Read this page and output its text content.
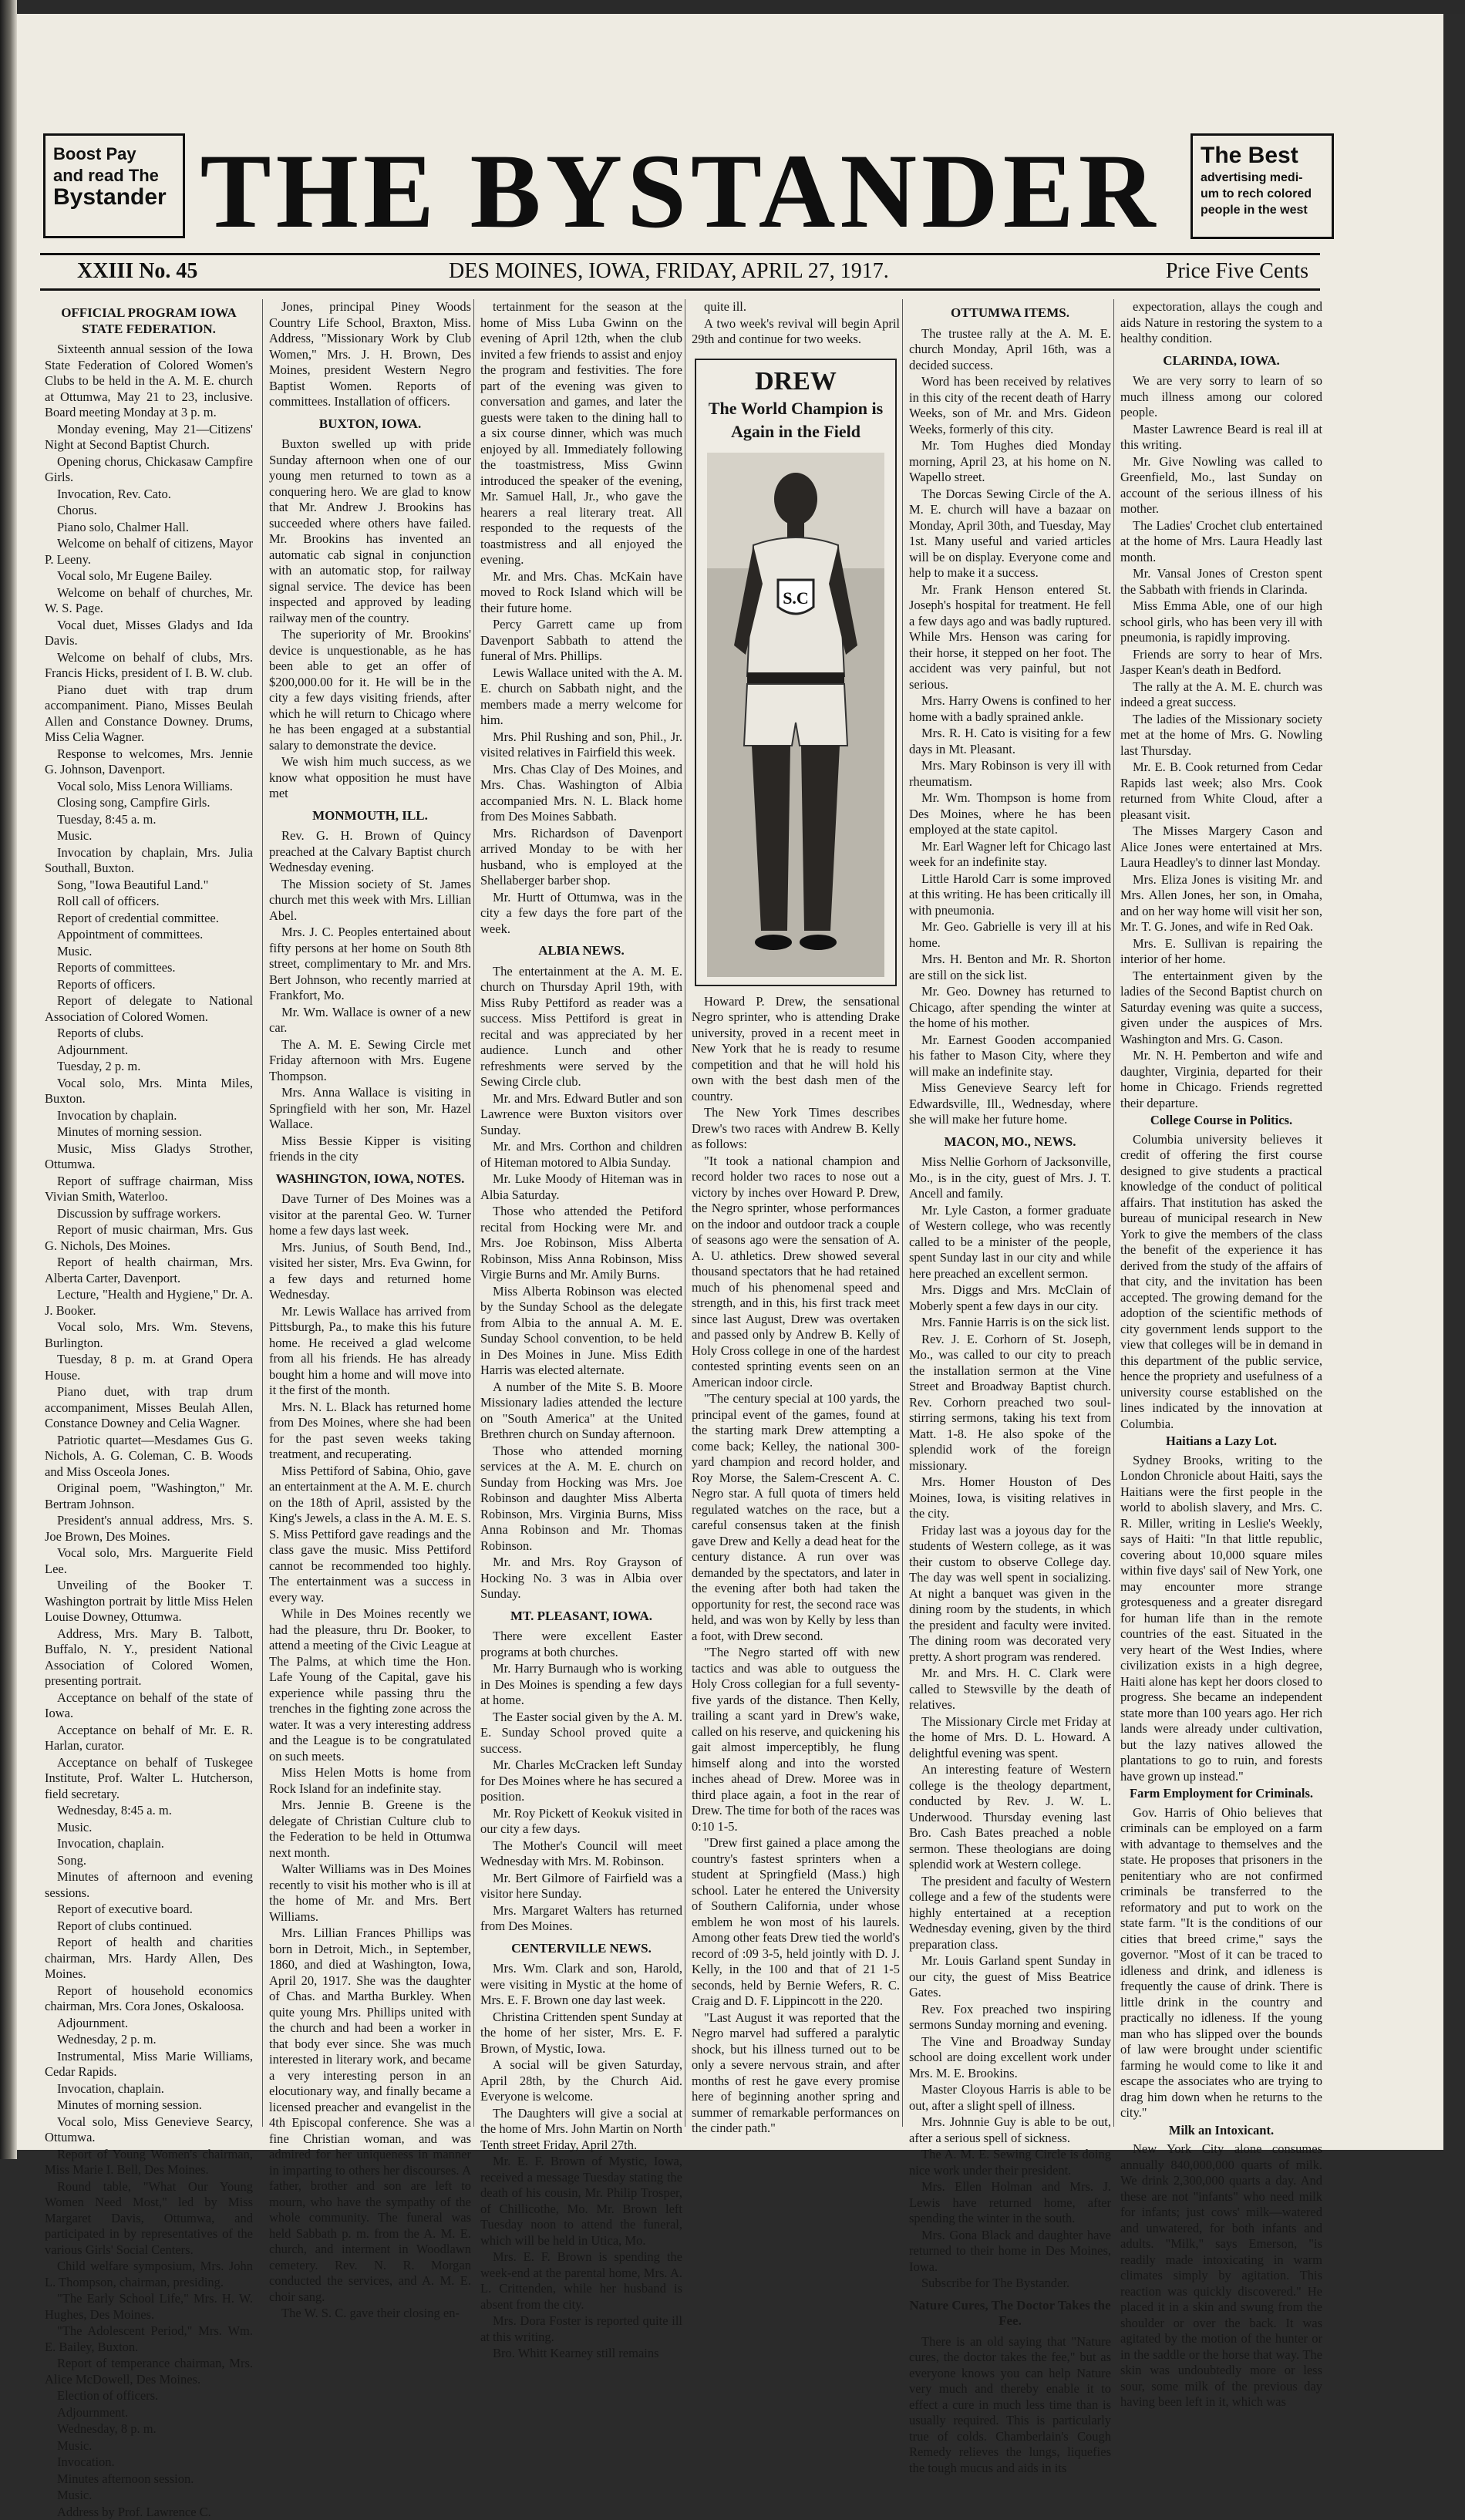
Boost Pay
and read The
Bystander THE BYSTANDER	The Best
advertising medi-
um to rech colored
people in the west
XXIII No. 45	DES MOINES, IOWA, FRIDAY, APRIL 27, 1917.	Price Five Cents
OFFICIAL PROGRAM IOWA STATE FEDERATION.

Sixteenth annual session of the Iowa State Federation of Colored Women's Clubs to be held in the A. M. E. church at Ottumwa, May 21 to 23, inclusive. Board meeting Monday at 3 p. m.

Monday evening, May 21—Citizens' Night at Second Baptist Church.

Opening chorus, Chickasaw Campfire Girls.

Invocation, Rev. Cato.

Chorus.

Piano solo, Chalmer Hall.

Welcome on behalf of citizens, Mayor P. Leeny.

Vocal solo, Mr Eugene Bailey.

Welcome on behalf of churches, Mr. W. S. Page.

Vocal duet, Misses Gladys and Ida Davis.

Welcome on behalf of clubs, Mrs. Francis Hicks, president of I. B. W. club.

Piano duet with trap drum accompaniment. Piano, Misses Beulah Allen and Constance Downey. Drums, Miss Celia Wagner.

Response to welcomes, Mrs. Jennie G. Johnson, Davenport.

Vocal solo, Miss Lenora Williams.

Closing song, Campfire Girls.

Tuesday, 8:45 a. m.

Music.

Invocation by chaplain, Mrs. Julia Southall, Buxton.

Song, "Iowa Beautiful Land."

Roll call of officers.

Report of credential committee.

Appointment of committees.

Music.

Reports of committees.

Reports of officers.

Report of delegate to National Association of Colored Women.

Reports of clubs.

Adjournment.

Tuesday, 2 p. m.

Vocal solo, Mrs. Minta Miles, Buxton.

Invocation by chaplain.

Minutes of morning session.

Music, Miss Gladys Strother, Ottumwa.

Report of suffrage chairman, Miss Vivian Smith, Waterloo.

Discussion by suffrage workers.

Report of music chairman, Mrs. Gus G. Nichols, Des Moines.

Report of health chairman, Mrs. Alberta Carter, Davenport.

Lecture, "Health and Hygiene," Dr. A. J. Booker.

Vocal solo, Mrs. Wm. Stevens, Burlington.

Tuesday, 8 p. m. at Grand Opera House.

Piano duet, with trap drum accompaniment, Misses Beulah Allen, Constance Downey and Celia Wagner.

Patriotic quartet—Mesdames Gus G. Nichols, A. G. Coleman, C. B. Woods and Miss Osceola Jones.

Original poem, "Washington," Mr. Bertram Johnson.

President's annual address, Mrs. S. Joe Brown, Des Moines.

Vocal solo, Mrs. Marguerite Field Lee.

Unveiling of the Booker T. Washington portrait by little Miss Helen Louise Downey, Ottumwa.

Address, Mrs. Mary B. Talbott, Buffalo, N. Y., president National Association of Colored Women, presenting portrait.

Acceptance on behalf of the state of Iowa.

Acceptance on behalf of Mr. E. R. Harlan, curator.

Acceptance on behalf of Tuskegee Institute, Prof. Walter L. Hutcherson, field secretary.

Wednesday, 8:45 a. m.

Music.

Invocation, chaplain.

Song.

Minutes of afternoon and evening sessions.

Report of executive board.

Report of clubs continued.

Report of health and charities chairman, Mrs. Hardy Allen, Des Moines.

Report of household economics chairman, Mrs. Cora Jones, Oskaloosa.

Adjournment.

Wednesday, 2 p. m.

Instrumental, Miss Marie Williams, Cedar Rapids.

Invocation, chaplain.

Minutes of morning session.

Vocal solo, Miss Genevieve Searcy, Ottumwa.

Report of Young Women's chairman, Miss Marie I. Bell, Des Moines.

Round table, "What Our Young Women Need Most," led by Miss Margaret Davis, Ottumwa, and participated in by representatives of the various Girls' Social Centers.

Child welfare symposium, Mrs. John L. Thompson, chairman, presiding.

"The Early School Life," Mrs. H. W. Hughes, Des Moines.

"The Adolescent Period," Mrs. Wm. E. Bailey, Buxton.

Report of temperance chairman, Mrs. Alice McDowell, Des Moines.

Election of officers.

Adjournment.

Wednesday, 8 p. m.

Music.

Invocation.

Minutes afternoon session.

Music.

Address by Prof. Lawrence C.

Jones, principal Piney Woods Country Life School, Braxton, Miss. Address, "Missionary Work by Club Women," Mrs. J. H. Brown, Des Moines, president Western Negro Baptist Women. Reports of committees. Installation of officers.

BUXTON, IOWA.

Buxton swelled up with pride Sunday afternoon when one of our young men returned to town as a conquering hero. We are glad to know that Mr. Andrew J. Brookins has succeeded where others have failed. Mr. Brookins has invented an automatic cab signal in conjunction with an automatic stop, for railway signal service. The device has been inspected and approved by leading railway men of the country.

The superiority of Mr. Brookins' device is unquestionable, as he has been able to get an offer of $200,000.00 for it. He will be in the city a few days visiting friends, after which he will return to Chicago where he has been engaged at a substantial salary to demonstrate the device.

We wish him much success, as we know what opposition he must have met

MONMOUTH, ILL.

Rev. G. H. Brown of Quincy preached at the Calvary Baptist church Wednesday evening.

The Mission society of St. James church met this week with Mrs. Lillian Abel.

Mrs. J. C. Peoples entertained about fifty persons at her home on South 8th street, complimentary to Mr. and Mrs. Bert Johnson, who recently married at Frankfort, Mo.

Mr. Wm. Wallace is owner of a new car.

The A. M. E. Sewing Circle met Friday afternoon with Mrs. Eugene Thompson.

Mrs. Anna Wallace is visiting in Springfield with her son, Mr. Hazel Wallace.

Miss Bessie Kipper is visiting friends in the city

WASHINGTON, IOWA, NOTES.

Dave Turner of Des Moines was a visitor at the parental Geo. W. Turner home a few days last week.

Mrs. Junius, of South Bend, Ind., visited her sister, Mrs. Eva Gwinn, for a few days and returned home Wednesday.

Mr. Lewis Wallace has arrived from Pittsburgh, Pa., to make this his future home. He received a glad welcome from all his friends. He has already bought him a home and will move into it the first of the month.

Mrs. N. L. Black has returned home from Des Moines, where she had been for the past seven weeks taking treatment, and recuperating.

Miss Pettiford of Sabina, Ohio, gave an entertainment at the A. M. E. church on the 18th of April, assisted by the King's Jewels, a class in the A. M. E. S. S. Miss Pettiford gave readings and the class gave the music. Miss Pettiford cannot be recommended too highly. The entertainment was a success in every way.

While in Des Moines recently we had the pleasure, thru Dr. Booker, to attend a meeting of the Civic League at The Palms, at which time the Hon. Lafe Young of the Capital, gave his experience while passing thru the trenches in the fighting zone across the water. It was a very interesting address and the League is to be congratulated on such meets.

Miss Helen Motts is home from Rock Island for an indefinite stay.

Mrs. Jennie B. Greene is the delegate of Christian Culture club to the Federation to be held in Ottumwa next month.

Walter Williams was in Des Moines recently to visit his mother who is ill at the home of Mr. and Mrs. Bert Williams.

Mrs. Lillian Frances Phillips was born in Detroit, Mich., in September, 1860, and died at Washington, Iowa, April 20, 1917. She was the daughter of Chas. and Martha Burkley. When quite young Mrs. Phillips united with the church and had been a worker in that body ever since. She was much interested in literary work, and became a very interesting person in an elocutionary way, and finally became a licensed preacher and evangelist in the 4th Episcopal conference. She was a fine Christian woman, and was admired for her uniqueness in manner in imparting to others her discourses. A father, brother and son are left to mourn, who have the sympathy of the whole community. The funeral was held Sabbath p. m. from the A. M. E. church, and interment in Woodlawn cemetery. Rev. N. R. Morgan conducted the services, and A. M. E. choir sang.

The W. S. C. gave their closing en-

tertainment for the season at the home of Miss Luba Gwinn on the evening of April 12th, when the club invited a few friends to assist and enjoy the program and festivities. The fore part of the evening was given to conversation and games, and later the guests were taken to the dining hall to a six course dinner, which was much enjoyed by all. Immediately following the toastmistress, Miss Gwinn introduced the speaker of the evening, Mr. Samuel Hall, Jr., who gave the hearers a real literary treat. All responded to the requests of the toastmistress and all enjoyed the evening.

Mr. and Mrs. Chas. McKain have moved to Rock Island which will be their future home.

Percy Garrett came up from Davenport Sabbath to attend the funeral of Mrs. Phillips.

Lewis Wallace united with the A. M. E. church on Sabbath night, and the members made a merry welcome for him.

Mrs. Phil Rushing and son, Phil., Jr. visited relatives in Fairfield this week.

Mrs. Chas Clay of Des Moines, and Mrs. Chas. Washington of Albia accompanied Mrs. N. L. Black home from Des Moines Sabbath.

Mrs. Richardson of Davenport arrived Monday to be with her husband, who is employed at the Shellaberger barber shop.

Mr. Hurtt of Ottumwa, was in the city a few days the fore part of the week.

ALBIA NEWS.

The entertainment at the A. M. E. church on Thursday April 19th, with Miss Ruby Pettiford as reader was a success. Miss Pettiford is great in recital and was appreciated by her audience. Lunch and other refreshments were served by the Sewing Circle club.

Mr. and Mrs. Edward Butler and son Lawrence were Buxton visitors over Sunday.

Mr. and Mrs. Corthon and children of Hiteman motored to Albia Sunday.

Mr. Luke Moody of Hiteman was in Albia Saturday.

Those who attended the Petiford recital from Hocking were Mr. and Mrs. Joe Robinson, Miss Alberta Robinson, Miss Anna Robinson, Miss Virgie Burns and Mr. Amily Burns.

Miss Alberta Robinson was elected by the Sunday School as the delegate from Albia to the annual A. M. E. Sunday School convention, to be held in Des Moines in June. Miss Edith Harris was elected alternate.

A number of the Mite S. B. Moore Missionary ladies attended the lecture on "South America" at the United Brethren church on Sunday afternoon.

Those who attended morning services at the A. M. E. church on Sunday from Hocking was Mrs. Joe Robinson and daughter Miss Alberta Robinson, Mrs. Virginia Burns, Miss Anna Robinson and Mr. Thomas Robinson.

Mr. and Mrs. Roy Grayson of Hocking No. 3 was in Albia over Sunday.

MT. PLEASANT, IOWA.

There were excellent Easter programs at both churches.

Mr. Harry Burnaugh who is working in Des Moines is spending a few days at home.

The Easter social given by the A. M. E. Sunday School proved quite a success.

Mr. Charles McCracken left Sunday for Des Moines where he has secured a position.

Mr. Roy Pickett of Keokuk visited in our city a few days.

The Mother's Council will meet Wednesday with Mrs. M. Robinson.

Mr. Bert Gilmore of Fairfield was a visitor here Sunday.

Mrs. Margaret Walters has returned from Des Moines.

CENTERVILLE NEWS.

Mrs. Wm. Clark and son, Harold, were visiting in Mystic at the home of Mrs. E. F. Brown one day last week.

Christina Crittenden spent Sunday at the home of her sister, Mrs. E. F. Brown, of Mystic, Iowa.

A social will be given Saturday, April 28th, by the Church Aid. Everyone is welcome.

The Daughters will give a social at the home of Mrs. John Martin on North Tenth street Friday, April 27th.

Mr. E. F. Brown of Mystic, Iowa, received a message Tuesday stating the death of his cousin, Mr. Philip Trosper, of Chillicothe, Mo. Mr. Brown left Tuesday noon to attend the funeral, which will be held in Utica, Mo.

Mrs. E. F. Brown is spending the week-end at the parental home, Mrs. A. L. Crittenden, while her husband is absent from the city.

Mrs. Dora Foster is reported quite ill at this writing.

Bro. Whitt Kearney still remains

quite ill.

A two week's revival will begin April 29th and continue for two weeks.

DREW
The World Champion is
Again in the Field
S.C

Howard P. Drew, the sensational Negro sprinter, who is attending Drake university, proved in a recent meet in New York that he is ready to resume competition and that he will hold his own with the best dash men of the country.

The New York Times describes Drew's two races with Andrew B. Kelly as follows:

"It took a national champion and record holder two races to nose out a victory by inches over Howard P. Drew, the Negro sprinter, whose performances on the indoor and outdoor track a couple of seasons ago were the sensation of A. A. U. athletics. Drew showed several thousand spectators that he had retained much of his phenomenal speed and strength, and in this, his first track meet since last August, Drew was overtaken and passed only by Andrew B. Kelly of Holy Cross college in one of the hardest contested sprinting events seen on an American indoor circle.

"The century special at 100 yards, the principal event of the games, found at the starting mark Drew attempting a come back; Kelley, the national 300-yard champion and record holder, and Roy Morse, the Salem-Crescent A. C. Negro star. A full quota of timers held regulated watches on the race, but a careful consensus taken at the finish gave Drew and Kelly a dead heat for the century distance. A run over was demanded by the spectators, and later in the evening after both had taken the opportunity for rest, the second race was held, and was won by Kelly by less than a foot, with Drew second.

"The Negro started off with new tactics and was able to outguess the Holy Cross collegian for a full seventy-five yards of the distance. Then Kelly, trailing a scant yard in Drew's wake, called on his reserve, and quickening his gait almost imperceptibly, he flung himself along and into the worsted inches ahead of Drew. Moree was in third place again, a foot in the rear of Drew. The time for both of the races was 0:10 1-5.

"Drew first gained a place among the country's fastest sprinters when a student at Springfield (Mass.) high school. Later he entered the University of Southern California, under whose emblem he won most of his laurels. Among other feats Drew tied the world's record of :09 3-5, held jointly with D. J. Kelly, in the 100 and that of 21 1-5 seconds, held by Bernie Wefers, R. C. Craig and D. F. Lippincott in the 220.

"Last August it was reported that the Negro marvel had suffered a paralytic shock, but his illness turned out to be only a severe nervous strain, and after months of rest he gave every promise here of beginning another spring and summer of remarkable performances on the cinder path."

OTTUMWA ITEMS.

The trustee rally at the A. M. E. church Monday, April 16th, was a decided success.

Word has been received by relatives in this city of the recent death of Harry Weeks, son of Mr. and Mrs. Gideon Weeks, formerly of this city.

Mr. Tom Hughes died Monday morning, April 23, at his home on N. Wapello street.

The Dorcas Sewing Circle of the A. M. E. church will have a bazaar on Monday, April 30th, and Tuesday, May 1st. Many useful and varied articles will be on display. Everyone come and help to make it a success.

Mr. Frank Henson entered St. Joseph's hospital for treatment. He fell a few days ago and was badly ruptured. While Mrs. Henson was caring for their horse, it stepped on her foot. The accident was very painful, but not serious.

Mrs. Harry Owens is confined to her home with a badly sprained ankle.

Mrs. R. H. Cato is visiting for a few days in Mt. Pleasant.

Mrs. Mary Robinson is very ill with rheumatism.

Mr. Wm. Thompson is home from Des Moines, where he has been employed at the state capitol.

Mr. Earl Wagner left for Chicago last week for an indefinite stay.

Little Harold Carr is some improved at this writing. He has been critically ill with pneumonia.

Mr. Geo. Gabrielle is very ill at his home.

Mrs. H. Benton and Mr. R. Shorton are still on the sick list.

Mr. Geo. Downey has returned to Chicago, after spending the winter at the home of his mother.

Mr. Earnest Gooden accompanied his father to Mason City, where they will make an indefinite stay.

Miss Genevieve Searcy left for Edwardsville, Ill., Wednesday, where she will make her future home.

MACON, MO., NEWS.

Miss Nellie Gorhorn of Jacksonville, Mo., is in the city, guest of Mrs. J. T. Ancell and family.

Mr. Lyle Caston, a former graduate of Western college, who was recently called to be a minister of the people, spent Sunday last in our city and while here preached an excellent sermon.

Mrs. Diggs and Mrs. McClain of Moberly spent a few days in our city.

Mrs. Fannie Harris is on the sick list.

Rev. J. E. Corhorn of St. Joseph, Mo., was called to our city to preach the installation sermon at the Vine Street and Broadway Baptist church. Rev. Corhorn preached two soul-stirring sermons, taking his text from Matt. 1-8. He also spoke of the splendid work of the foreign missionary.

Mrs. Homer Houston of Des Moines, Iowa, is visiting relatives in the city.

Friday last was a joyous day for the students of Western college, as it was their custom to observe College day. The day was well spent in socializing. At night a banquet was given in the dining room by the students, in which the president and faculty were invited. The dining room was decorated very pretty. A short program was rendered.

Mr. and Mrs. H. C. Clark were called to Stewsville by the death of relatives.

The Missionary Circle met Friday at the home of Mrs. D. L. Howard. A delightful evening was spent.

An interesting feature of Western college is the theology department, conducted by Rev. J. W. L. Underwood. Thursday evening last Bro. Cash Bates preached a noble sermon. These theologians are doing splendid work at Western college.

The president and faculty of Western college and a few of the students were highly entertained at a reception Wednesday evening, given by the third preparation class.

Mr. Louis Garland spent Sunday in our city, the guest of Miss Beatrice Gates.

Rev. Fox preached two inspiring sermons Sunday morning and evening.

The Vine and Broadway Sunday school are doing excellent work under Mrs. M. E. Brookins.

Master Cloyous Harris is able to be out, after a slight spell of illness.

Mrs. Johnnie Guy is able to be out, after a serious spell of sickness.

The A. M. E. Sewing Circle is doing nice work under their president.

Mrs. Ellen Holman and Mrs. J. Lewis have returned home, after spending the winter in the south.

Mrs. Gona Black and daughter have returned to their home in Des Moines, Iowa.

Subscribe for The Bystander.

Nature Cures, The Doctor Takes the Fee.

There is an old saying that "Nature cures, the doctor takes the fee," but as everyone knows you can help Nature very much and thereby enable it to effect a cure in much less time than is usually required. This is particularly true of colds. Chamberlain's Cough Remedy relieves the lungs, liquefies the tough mucus and aids in its

expectoration, allays the cough and aids Nature in restoring the system to a healthy condition.

CLARINDA, IOWA.

We are very sorry to learn of so much illness among our colored people.

Master Lawrence Beard is real ill at this writing.

Mr. Give Nowling was called to Greenfield, Mo., last Sunday on account of the serious illness of his mother.

The Ladies' Crochet club entertained at the home of Mrs. Laura Headly last month.

Mr. Vansal Jones of Creston spent the Sabbath with friends in Clarinda.

Miss Emma Able, one of our high school girls, who has been very ill with pneumonia, is rapidly improving.

Friends are sorry to hear of Mrs. Jasper Kean's death in Bedford.

The rally at the A. M. E. church was indeed a great success.

The ladies of the Missionary society met at the home of Mrs. G. Nowling last Thursday.

Mr. E. B. Cook returned from Cedar Rapids last week; also Mrs. Cook returned from White Cloud, after a pleasant visit.

The Misses Margery Cason and Alice Jones were entertained at Mrs. Laura Headley's to dinner last Monday.

Mrs. Eliza Jones is visiting Mr. and Mrs. Allen Jones, her son, in Omaha, and on her way home will visit her son, Mr. T. G. Jones, and wife in Red Oak.

Mrs. E. Sullivan is repairing the interior of her home.

The entertainment given by the ladies of the Second Baptist church on Saturday evening was quite a success, given under the auspices of Mrs. Washington and Mrs. G. Cason.

Mr. N. H. Pemberton and wife and daughter, Virginia, departed for their home in Chicago. Friends regretted their departure.

College Course in Politics.

Columbia university believes it credit of offering the first course designed to give students a practical knowledge of the conduct of political affairs. That institution has asked the bureau of municipal research in New York to give the members of the class the benefit of the experience it has derived from the study of the affairs of that city, and the invitation has been accepted. The growing demand for the adoption of the scientific methods of city government lends support to the view that colleges will be in demand in this department of the public service, hence the propriety and usefulness of a university course established on the lines indicated by the innovation at Columbia.

Haitians a Lazy Lot.

Sydney Brooks, writing to the London Chronicle about Haiti, says the Haitians were the first people in the world to abolish slavery, and Mrs. C. R. Miller, writing in Leslie's Weekly, says of Haiti: "In that little republic, covering about 10,000 square miles within five days' sail of New York, one may encounter more strange grotesqueness and a greater disregard for human life than in the remote countries of the east. Situated in the very heart of the West Indies, where civilization exists in a high degree, Haiti alone has kept her doors closed to progress. She became an independent state more than 100 years ago. Her rich lands were already under cultivation, but the lazy natives allowed the plantations to go to ruin, and forests have grown up instead."

Farm Employment for Criminals.

Gov. Harris of Ohio believes that criminals can be employed on a farm with advantage to themselves and the state. He proposes that prisoners in the penitentiary who are not confirmed criminals be transferred to the reformatory and put to work on the state farm. "It is the conditions of our cities that breed crime," says the governor. "Most of it can be traced to idleness and drink, and idleness is frequently the cause of drink. There is little drink in the country and practically no idleness. If the young man who has slipped over the bounds of law were brought under scientific farming he would come to like it and escape the associates who are trying to drag him down when he returns to the city."

Milk an Intoxicant.

New York City alone consumes annually 840,000,000 quarts of milk. We drink 2,300,000 quarts a day. And these are not "infants" who need milk for infants; just cows' milk—watered and unwatered, for both infants and adults. "Milk," says Emerson, "is readily made intoxicating in warm climates simply by agitation. This reaction was quickly discovered." He placed it in a skin and swung from the shoulder or over the back. It was agitated by the motion of the hunter or in the saddle or the horse that way. The skin was undoubtedly more or less sour, some milk of the previous day having been left in it, which was
